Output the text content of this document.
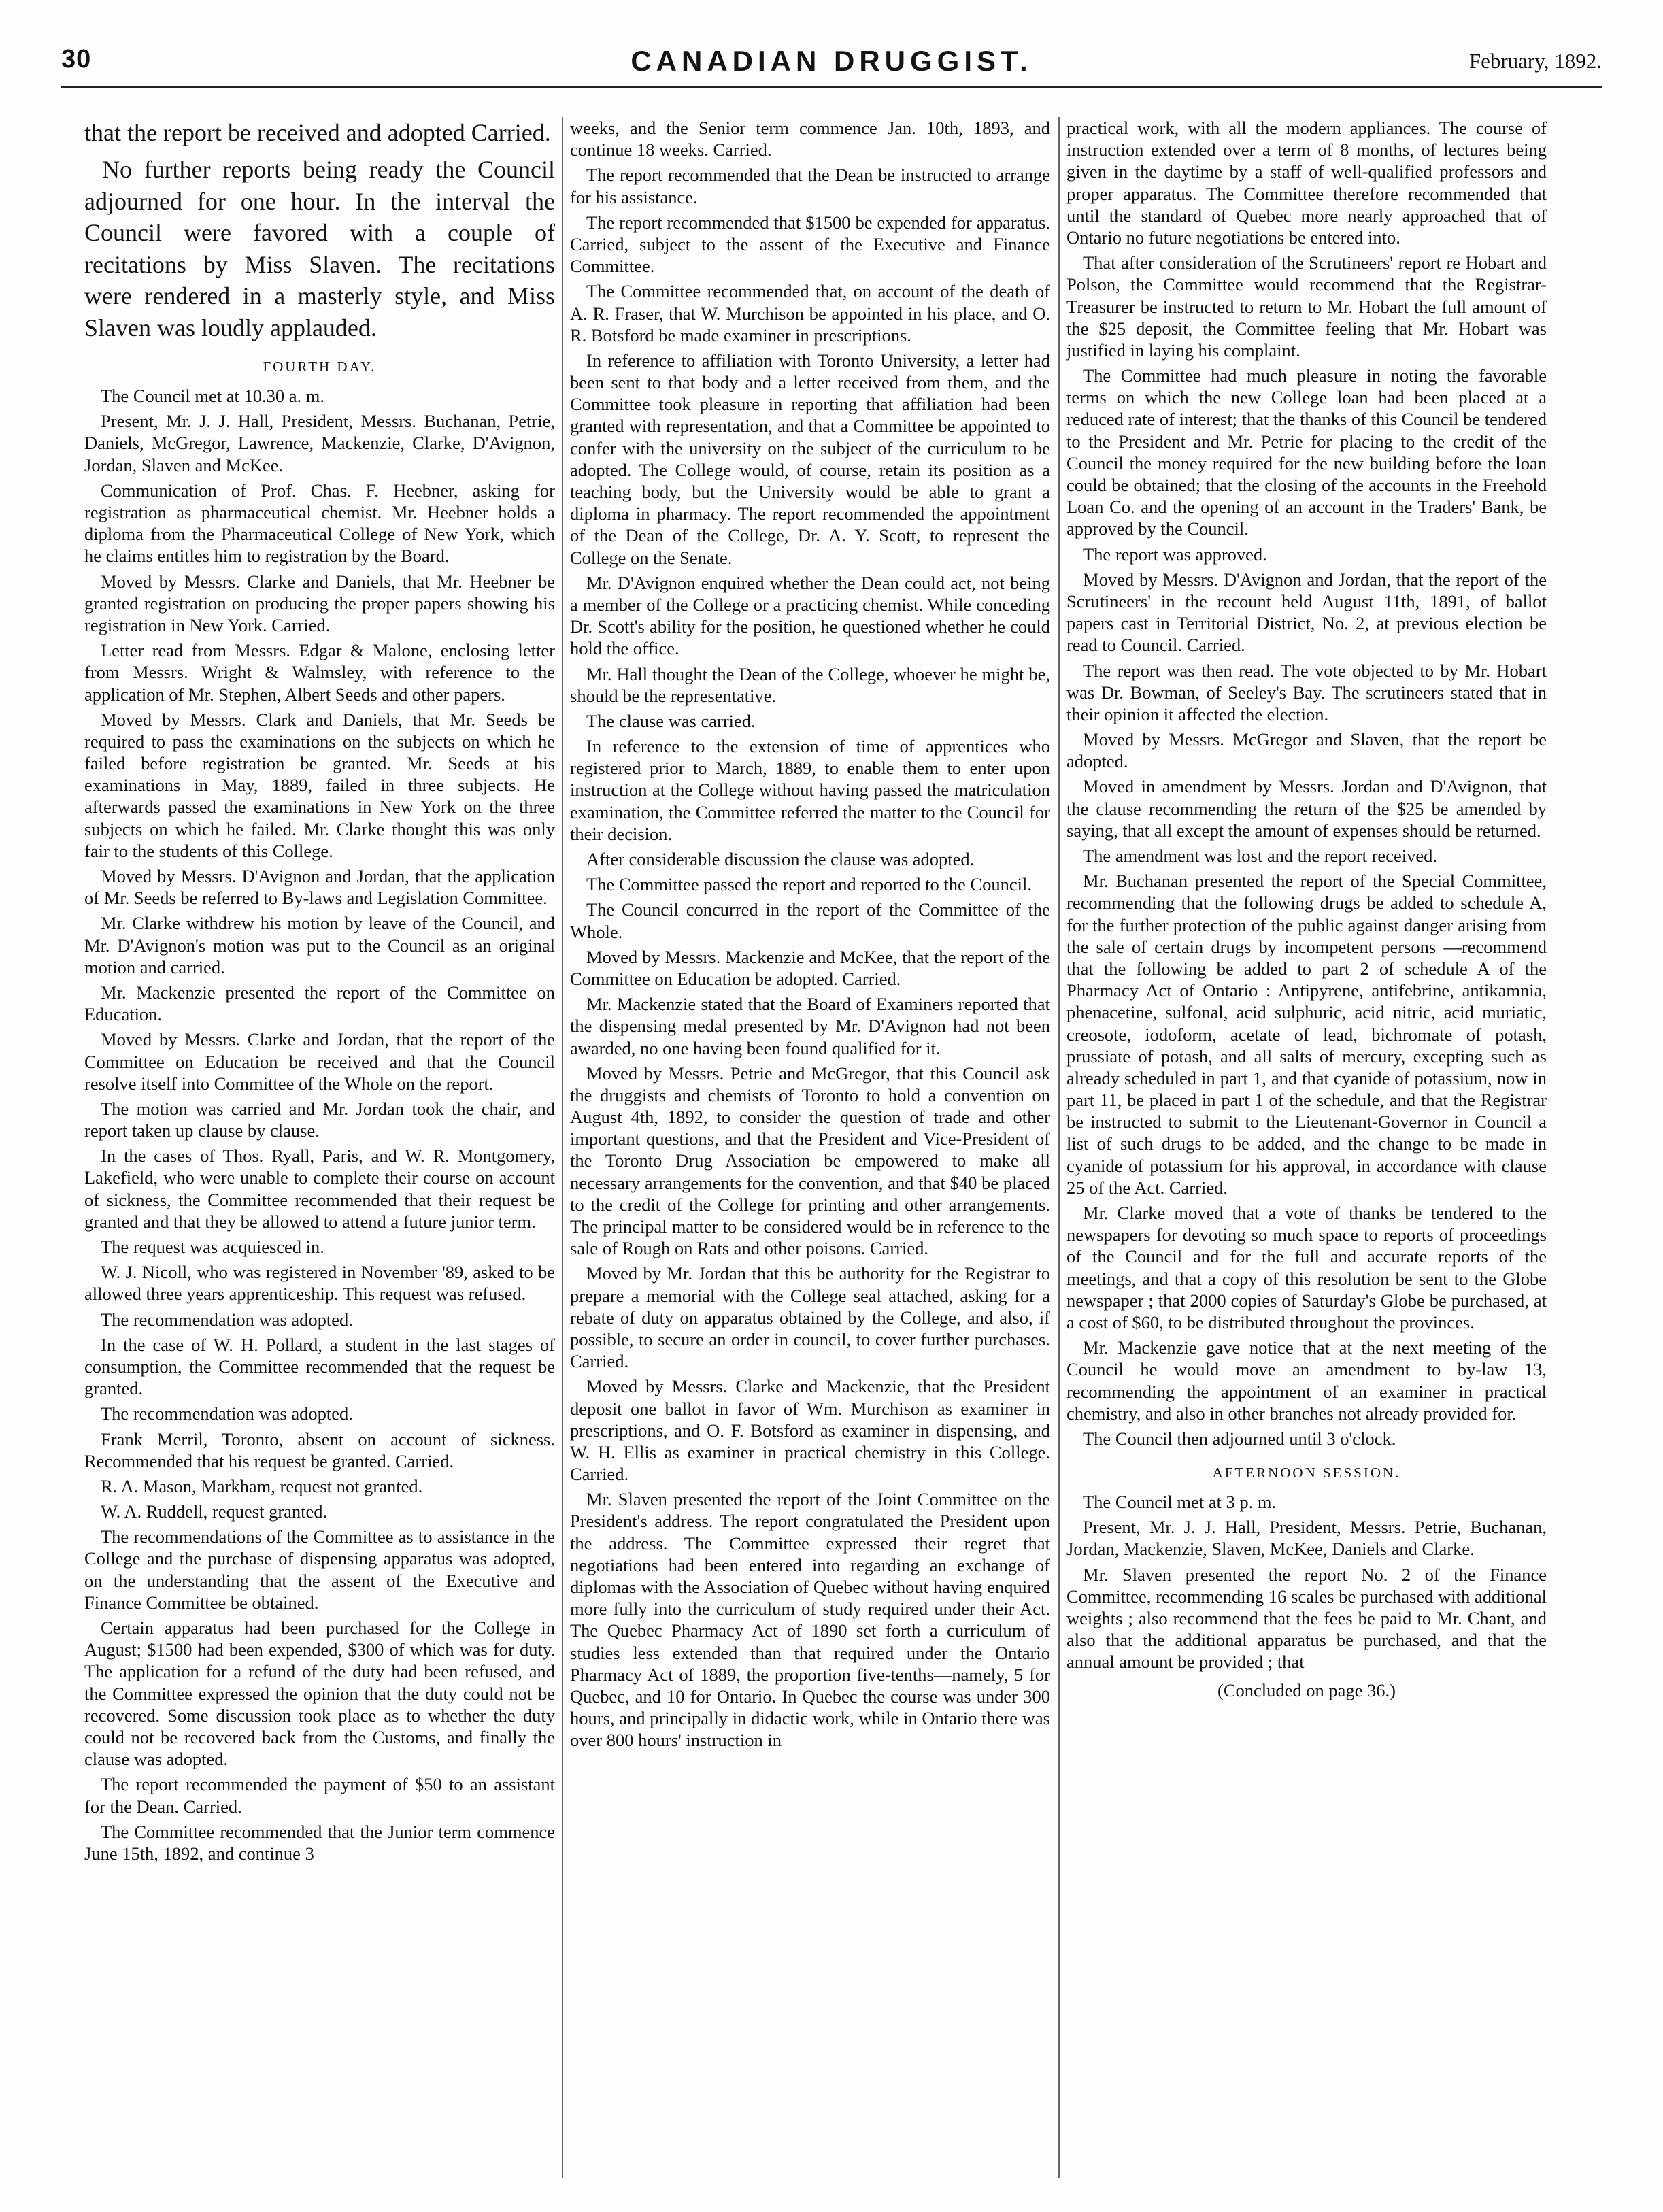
30	CANADIAN DRUGGIST.	February, 1892.

that the report be received and adopted Carried.

No further reports being ready the Council adjourned for one hour. In the interval the Council were favored with a couple of recitations by Miss Slaven. The recitations were rendered in a masterly style, and Miss Slaven was loudly applauded.

FOURTH DAY.

The Council met at 10.30 a. m.

Present, Mr. J. J. Hall, President, Messrs. Buchanan, Petrie, Daniels, McGregor, Lawrence, Mackenzie, Clarke, D'Avignon, Jordan, Slaven and McKee.

Communication of Prof. Chas. F. Heebner, asking for registration as pharmaceutical chemist. Mr. Heebner holds a diploma from the Pharmaceutical College of New York, which he claims entitles him to registration by the Board.

Moved by Messrs. Clarke and Daniels, that Mr. Heebner be granted registration on producing the proper papers showing his registration in New York. Carried.

Letter read from Messrs. Edgar & Malone, enclosing letter from Messrs. Wright & Walmsley, with reference to the application of Mr. Stephen, Albert Seeds and other papers.

Moved by Messrs. Clark and Daniels, that Mr. Seeds be required to pass the examinations on the subjects on which he failed before registration be granted. Mr. Seeds at his examinations in May, 1889, failed in three subjects. He afterwards passed the examinations in New York on the three subjects on which he failed. Mr. Clarke thought this was only fair to the students of this College.

Moved by Messrs. D'Avignon and Jordan, that the application of Mr. Seeds be referred to By-laws and Legislation Committee.

Mr. Clarke withdrew his motion by leave of the Council, and Mr. D'Avignon's motion was put to the Council as an original motion and carried.

Mr. Mackenzie presented the report of the Committee on Education.

Moved by Messrs. Clarke and Jordan, that the report of the Committee on Education be received and that the Council resolve itself into Committee of the Whole on the report.

The motion was carried and Mr. Jordan took the chair, and report taken up clause by clause.

In the cases of Thos. Ryall, Paris, and W. R. Montgomery, Lakefield, who were unable to complete their course on account of sickness, the Committee recommended that their request be granted and that they be allowed to attend a future junior term.

The request was acquiesced in.

W. J. Nicoll, who was registered in November '89, asked to be allowed three years apprenticeship. This request was refused.

The recommendation was adopted.

In the case of W. H. Pollard, a student in the last stages of consumption, the Committee recommended that the request be granted.

The recommendation was adopted.

Frank Merril, Toronto, absent on account of sickness. Recommended that his request be granted. Carried.

R. A. Mason, Markham, request not granted.

W. A. Ruddell, request granted.

The recommendations of the Committee as to assistance in the College and the purchase of dispensing apparatus was adopted, on the understanding that the assent of the Executive and Finance Committee be obtained.

Certain apparatus had been purchased for the College in August; $1500 had been expended, $300 of which was for duty. The application for a refund of the duty had been refused, and the Committee expressed the opinion that the duty could not be recovered. Some discussion took place as to whether the duty could not be recovered back from the Customs, and finally the clause was adopted.

The report recommended the payment of $50 to an assistant for the Dean. Carried.

The Committee recommended that the Junior term commence June 15th, 1892, and continue 3

weeks, and the Senior term commence Jan. 10th, 1893, and continue 18 weeks. Carried.

The report recommended that the Dean be instructed to arrange for his assistance.

The report recommended that $1500 be expended for apparatus. Carried, subject to the assent of the Executive and Finance Committee.

The Committee recommended that, on account of the death of A. R. Fraser, that W. Murchison be appointed in his place, and O. R. Botsford be made examiner in prescriptions.

In reference to affiliation with Toronto University, a letter had been sent to that body and a letter received from them, and the Committee took pleasure in reporting that affiliation had been granted with representation, and that a Committee be appointed to confer with the university on the subject of the curriculum to be adopted. The College would, of course, retain its position as a teaching body, but the University would be able to grant a diploma in pharmacy. The report recommended the appointment of the Dean of the College, Dr. A. Y. Scott, to represent the College on the Senate.

Mr. D'Avignon enquired whether the Dean could act, not being a member of the College or a practicing chemist. While conceding Dr. Scott's ability for the position, he questioned whether he could hold the office.

Mr. Hall thought the Dean of the College, whoever he might be, should be the representative.

The clause was carried.

In reference to the extension of time of apprentices who registered prior to March, 1889, to enable them to enter upon instruction at the College without having passed the matriculation examination, the Committee referred the matter to the Council for their decision.

After considerable discussion the clause was adopted.

The Committee passed the report and reported to the Council.

The Council concurred in the report of the Committee of the Whole.

Moved by Messrs. Mackenzie and McKee, that the report of the Committee on Education be adopted. Carried.

Mr. Mackenzie stated that the Board of Examiners reported that the dispensing medal presented by Mr. D'Avignon had not been awarded, no one having been found qualified for it.

Moved by Messrs. Petrie and McGregor, that this Council ask the druggists and chemists of Toronto to hold a convention on August 4th, 1892, to consider the question of trade and other important questions, and that the President and Vice-President of the Toronto Drug Association be empowered to make all necessary arrangements for the convention, and that $40 be placed to the credit of the College for printing and other arrangements. The principal matter to be considered would be in reference to the sale of Rough on Rats and other poisons. Carried.

Moved by Mr. Jordan that this be authority for the Registrar to prepare a memorial with the College seal attached, asking for a rebate of duty on apparatus obtained by the College, and also, if possible, to secure an order in council, to cover further purchases. Carried.

Moved by Messrs. Clarke and Mackenzie, that the President deposit one ballot in favor of Wm. Murchison as examiner in prescriptions, and O. F. Botsford as examiner in dispensing, and W. H. Ellis as examiner in practical chemistry in this College. Carried.

Mr. Slaven presented the report of the Joint Committee on the President's address. The report congratulated the President upon the address. The Committee expressed their regret that negotiations had been entered into regarding an exchange of diplomas with the Association of Quebec without having enquired more fully into the curriculum of study required under their Act. The Quebec Pharmacy Act of 1890 set forth a curriculum of studies less extended than that required under the Ontario Pharmacy Act of 1889, the proportion five-tenths—namely, 5 for Quebec, and 10 for Ontario. In Quebec the course was under 300 hours, and principally in didactic work, while in Ontario there was over 800 hours' instruction in

practical work, with all the modern appliances. The course of instruction extended over a term of 8 months, of lectures being given in the daytime by a staff of well-qualified professors and proper apparatus. The Committee therefore recommended that until the standard of Quebec more nearly approached that of Ontario no future negotiations be entered into.

That after consideration of the Scrutineers' report re Hobart and Polson, the Committee would recommend that the Registrar-Treasurer be instructed to return to Mr. Hobart the full amount of the $25 deposit, the Committee feeling that Mr. Hobart was justified in laying his complaint.

The Committee had much pleasure in noting the favorable terms on which the new College loan had been placed at a reduced rate of interest; that the thanks of this Council be tendered to the President and Mr. Petrie for placing to the credit of the Council the money required for the new building before the loan could be obtained; that the closing of the accounts in the Freehold Loan Co. and the opening of an account in the Traders' Bank, be approved by the Council.

The report was approved.

Moved by Messrs. D'Avignon and Jordan, that the report of the Scrutineers' in the recount held August 11th, 1891, of ballot papers cast in Territorial District, No. 2, at previous election be read to Council. Carried.

The report was then read. The vote objected to by Mr. Hobart was Dr. Bowman, of Seeley's Bay. The scrutineers stated that in their opinion it affected the election.

Moved by Messrs. McGregor and Slaven, that the report be adopted.

Moved in amendment by Messrs. Jordan and D'Avignon, that the clause recommending the return of the $25 be amended by saying, that all except the amount of expenses should be returned.

The amendment was lost and the report received.

Mr. Buchanan presented the report of the Special Committee, recommending that the following drugs be added to schedule A, for the further protection of the public against danger arising from the sale of certain drugs by incompetent persons —recommend that the following be added to part 2 of schedule A of the Pharmacy Act of Ontario : Antipyrene, antifebrine, antikamnia, phenacetine, sulfonal, acid sulphuric, acid nitric, acid muriatic, creosote, iodoform, acetate of lead, bichromate of potash, prussiate of potash, and all salts of mercury, excepting such as already scheduled in part 1, and that cyanide of potassium, now in part 11, be placed in part 1 of the schedule, and that the Registrar be instructed to submit to the Lieutenant-Governor in Council a list of such drugs to be added, and the change to be made in cyanide of potassium for his approval, in accordance with clause 25 of the Act. Carried.

Mr. Clarke moved that a vote of thanks be tendered to the newspapers for devoting so much space to reports of proceedings of the Council and for the full and accurate reports of the meetings, and that a copy of this resolution be sent to the Globe newspaper ; that 2000 copies of Saturday's Globe be purchased, at a cost of $60, to be distributed throughout the provinces.

Mr. Mackenzie gave notice that at the next meeting of the Council he would move an amendment to by-law 13, recommending the appointment of an examiner in practical chemistry, and also in other branches not already provided for.

The Council then adjourned until 3 o'clock.

AFTERNOON SESSION.

The Council met at 3 p. m.

Present, Mr. J. J. Hall, President, Messrs. Petrie, Buchanan, Jordan, Mackenzie, Slaven, McKee, Daniels and Clarke.

Mr. Slaven presented the report No. 2 of the Finance Committee, recommending 16 scales be purchased with additional weights ; also recommend that the fees be paid to Mr. Chant, and also that the additional apparatus be purchased, and that the annual amount be provided ; that

(Concluded on page 36.)
